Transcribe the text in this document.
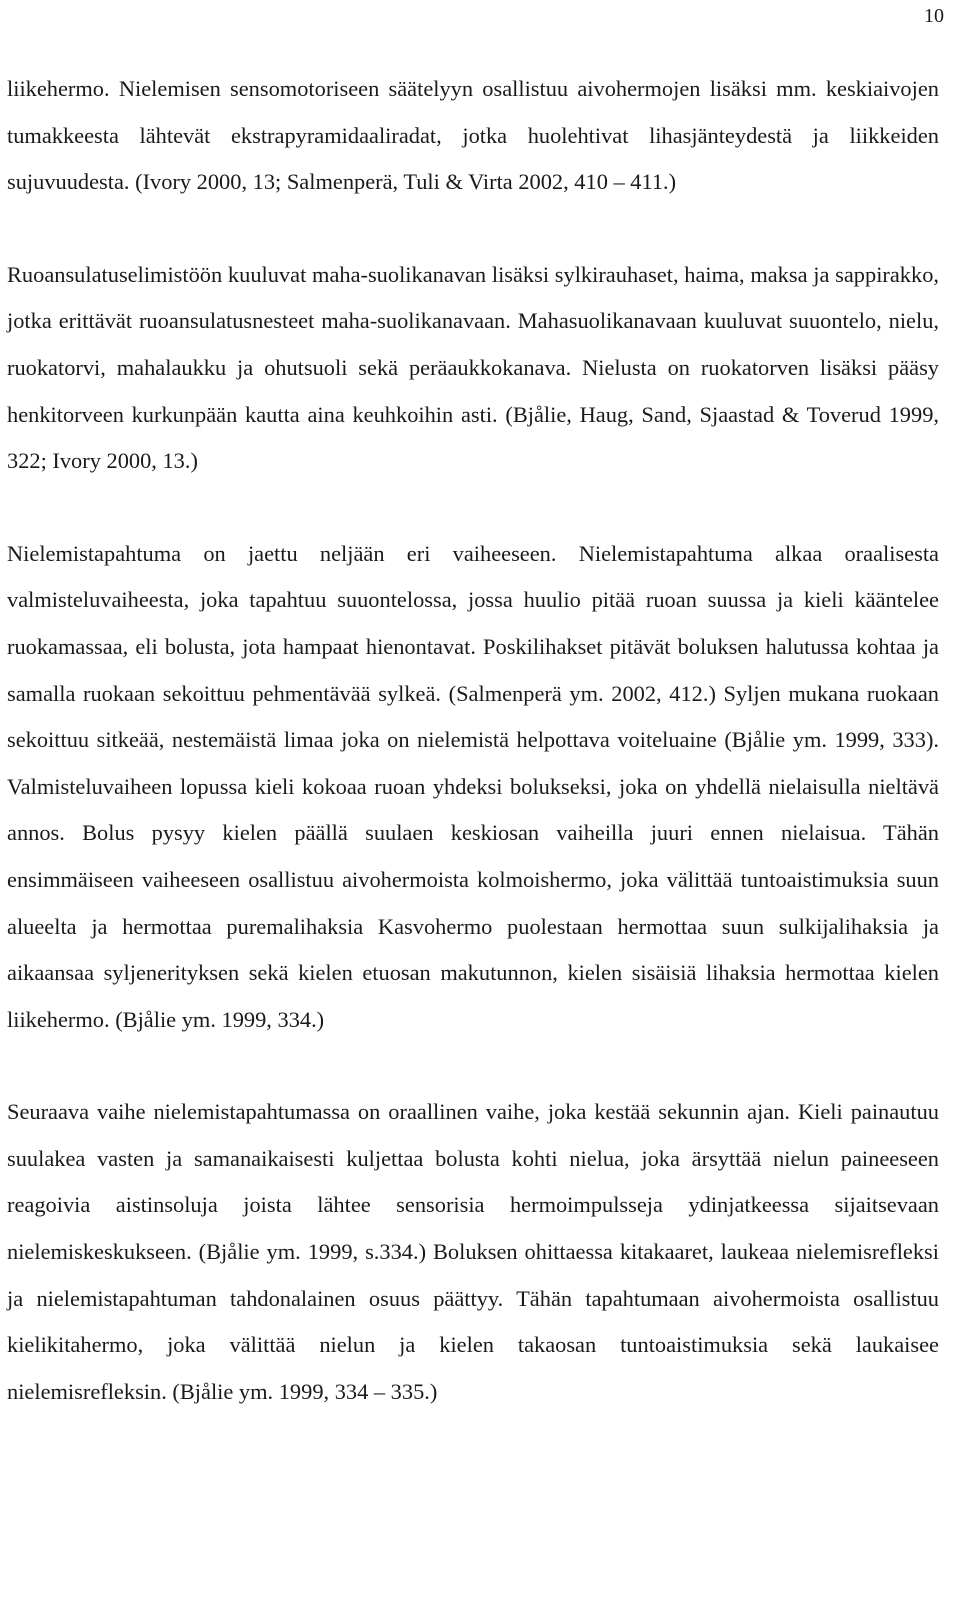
10

liikehermo. Nielemisen sensomotoriseen säätelyyn osallistuu aivohermojen lisäksi mm. keskiaivojen tumakkeesta lähtevät ekstrapyramidaaliradat, jotka huolehtivat lihasjänteydestä ja liikkeiden sujuvuudesta. (Ivory 2000, 13; Salmenperä, Tuli & Virta 2002, 410 – 411.)

Ruoansulatuselimistöön kuuluvat maha-suolikanavan lisäksi sylkirauhaset, haima, maksa ja sappirakko, jotka erittävät ruoansulatusnesteet maha-suolikanavaan. Mahasuolikanavaan kuuluvat suuontelo, nielu, ruokatorvi, mahalaukku ja ohutsuoli sekä peräaukkokanava. Nielusta on ruokatorven lisäksi pääsy henkitorveen kurkunpään kautta aina keuhkoihin asti. (Bjålie, Haug, Sand, Sjaastad & Toverud 1999, 322; Ivory 2000, 13.)

Nielemistapahtuma on jaettu neljään eri vaiheeseen. Nielemistapahtuma alkaa oraalisesta valmisteluvaiheesta, joka tapahtuu suuontelossa, jossa huulio pitää ruoan suussa ja kieli kääntelee ruokamassaa, eli bolusta, jota hampaat hienontavat. Poskilihakset pitävät boluksen halutussa kohtaa ja samalla ruokaan sekoittuu pehmentävää sylkeä. (Salmenperä ym. 2002, 412.) Syljen mukana ruokaan sekoittuu sitkeää, nestemäistä limaa joka on nielemistä helpottava voiteluaine (Bjålie ym. 1999, 333). Valmisteluvaiheen lopussa kieli kokoaa ruoan yhdeksi bolukseksi, joka on yhdellä nielaisulla nieltävä annos. Bolus pysyy kielen päällä suulaen keskiosan vaiheilla juuri ennen nielaisua. Tähän ensimmäiseen vaiheeseen osallistuu aivohermoista kolmoishermo, joka välittää tuntoaistimuksia suun alueelta ja hermottaa puremalihaksia Kasvohermo puolestaan hermottaa suun sulkijalihaksia ja aikaansaa syljenerityksen sekä kielen etuosan makutunnon, kielen sisäisiä lihaksia hermottaa kielen liikehermo. (Bjålie ym. 1999, 334.)

Seuraava vaihe nielemistapahtumassa on oraallinen vaihe, joka kestää sekunnin ajan. Kieli painautuu suulakea vasten ja samanaikaisesti kuljettaa bolusta kohti nielua, joka ärsyttää nielun paineeseen reagoivia aistinsoluja joista lähtee sensorisia hermoimpulsseja ydinjatkeessa sijaitsevaan nielemiskeskukseen. (Bjålie ym. 1999, s.334.) Boluksen ohittaessa kitakaaret, laukeaa nielemisrefleksi ja nielemistapahtuman tahdonalainen osuus päättyy. Tähän tapahtumaan aivohermoista osallistuu kielikitahermo, joka välittää nielun ja kielen takaosan tuntoaistimuksia sekä laukaisee nielemisrefleksin. (Bjålie ym. 1999, 334 – 335.)
